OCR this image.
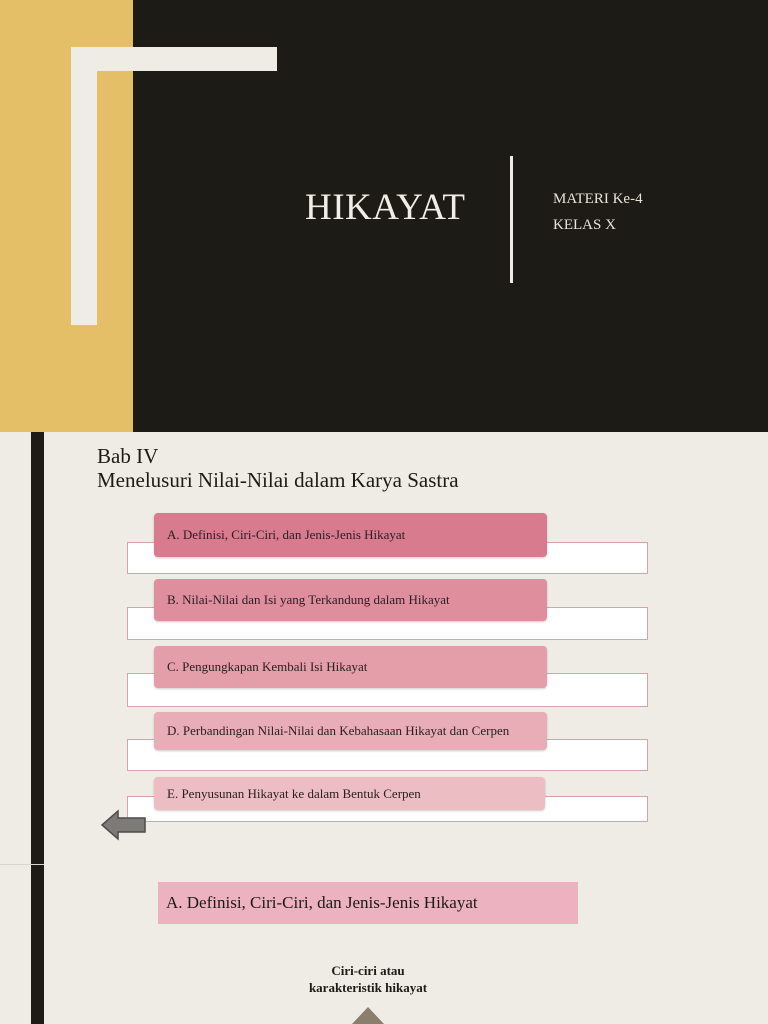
HIKAYAT	MATERI Ke-4
KELAS X
Bab IV
Menelusuri Nilai-Nilai dalam Karya Sastra
A. Definisi, Ciri-Ciri, dan Jenis-Jenis Hikayat
B. Nilai-Nilai dan Isi yang Terkandung dalam Hikayat
C. Pengungkapan Kembali Isi Hikayat
D. Perbandingan Nilai-Nilai dan Kebahasaan Hikayat dan Cerpen
E. Penyusunan Hikayat ke dalam Bentuk Cerpen
A. Definisi, Ciri-Ciri, dan Jenis-Jenis Hikayat
Ciri-ciri atau
karakteristik hikayat
